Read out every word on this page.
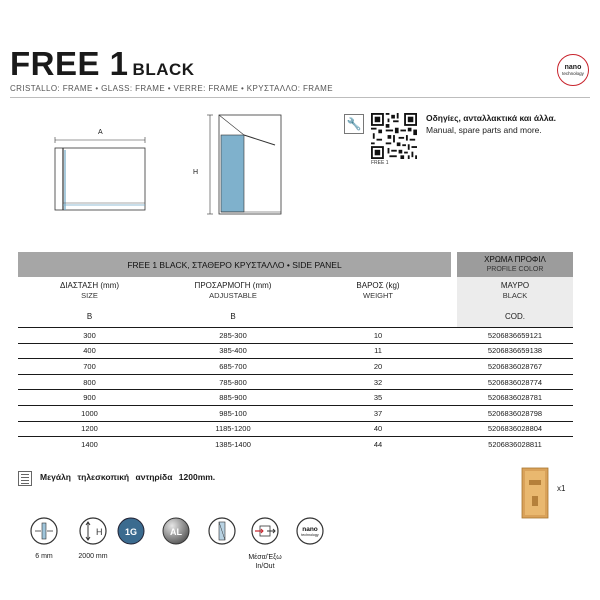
FREE 1 BLACK
CRISTALLO: FRAME • GLASS: FRAME • VERRE: FRAME • ΚΡΥΣΤΑΛΛΟ: FRAME
nano
technology
A
H
🔧
FREE 1
Οδηγίες, ανταλλακτικά και άλλα.
Manual, spare parts and more.
FREE 1 BLACK, ΣΤΑΘΕΡΟ ΚΡΥΣΤΑΛΛΟ • SIDE PANEL				ΧΡΩΜΑ ΠΡΟΦΙΛ
PROFILE COLOR

ΔΙΑΣΤΑΣΗ (mm)
SIZE	ΠΡΟΣΑΡΜΟΓΗ (mm)
ADJUSTABLE	ΒΑΡΟΣ (kg)
WEIGHT		ΜΑΥΡΟ
BLACK

B	B			COD.
300	285-300	10		5206836659121
400	385-400	11		5206836659138
700	685-700	20		5206836028767
800	785-800	32		5206836028774
900	885-900	35		5206836028781
1000	985-100	37		5206836028798
1200	1185-1200	40		5206836028804
1400	1385-1400	44		5206836028811
Μεγάλη τηλεσκοπική αντηρίδα 1200mm.
x1
6 mm
H
2000 mm
1G	AL
Μέσα/Έξω
In/Out
nano
technology
